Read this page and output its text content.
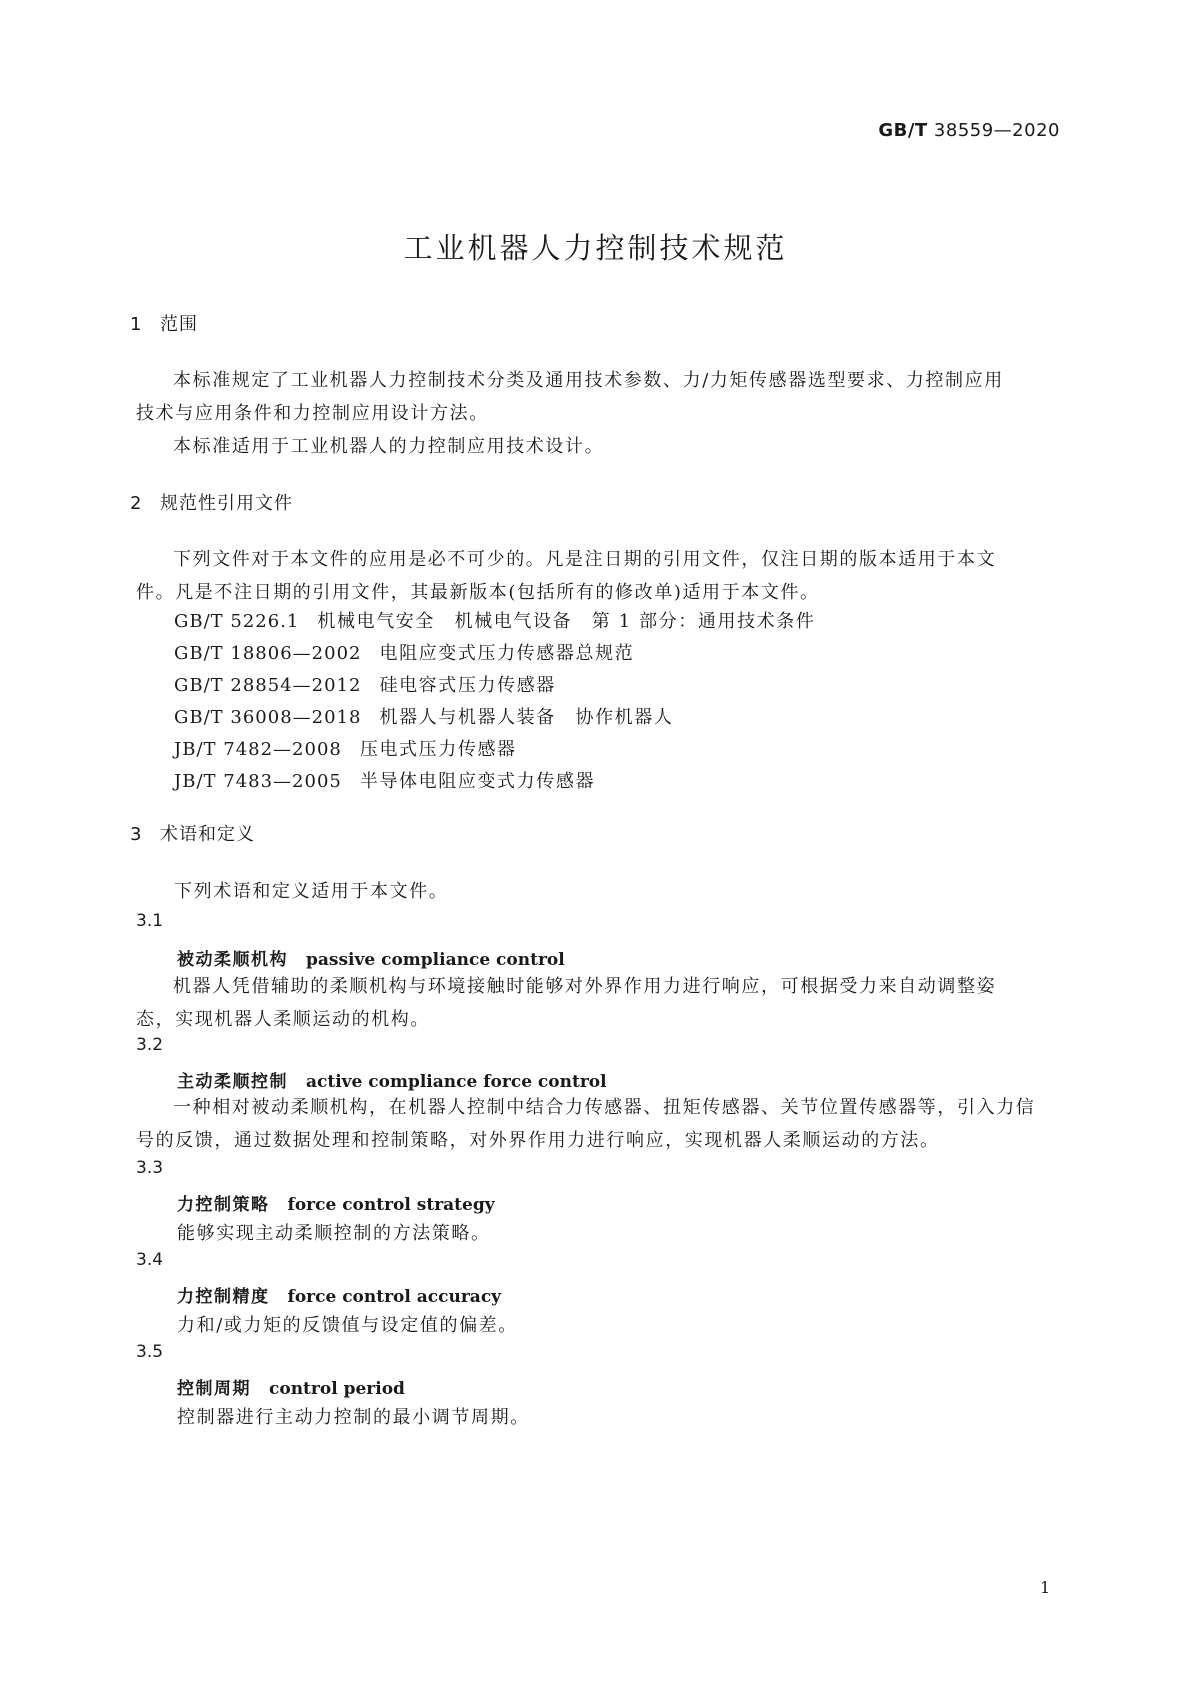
GB/T 38559—2020
工业机器人力控制技术规范
1 范围

本标准规定了工业机器人力控制技术分类及通用技术参数、力/力矩传感器选型要求、力控制应用

技术与应用条件和力控制应用设计方法。

本标准适用于工业机器人的力控制应用技术设计。

2 规范性引用文件

下列文件对于本文件的应用是必不可少的。凡是注日期的引用文件，仅注日期的版本适用于本文

件。凡是不注日期的引用文件，其最新版本(包括所有的修改单)适用于本文件。

GB/T 5226.1 机械电气安全　机械电气设备　第 1 部分：通用技术条件
GB/T 18806—2002 电阻应变式压力传感器总规范
GB/T 28854—2012 硅电容式压力传感器
GB/T 36008—2018 机器人与机器人装备　协作机器人
JB/T 7482—2008 压电式压力传感器
JB/T 7483—2005 半导体电阻应变式力传感器
3 术语和定义
下列术语和定义适用于本文件。
3.1
被动柔顺机构 passive compliance control

机器人凭借辅助的柔顺机构与环境接触时能够对外界作用力进行响应，可根据受力来自动调整姿

态，实现机器人柔顺运动的机构。

3.2
主动柔顺控制 active compliance force control

一种相对被动柔顺机构，在机器人控制中结合力传感器、扭矩传感器、关节位置传感器等，引入力信

号的反馈，通过数据处理和控制策略，对外界作用力进行响应，实现机器人柔顺运动的方法。

3.3
力控制策略 force control strategy
能够实现主动柔顺控制的方法策略。
3.4
力控制精度 force control accuracy
力和/或力矩的反馈值与设定值的偏差。
3.5
控制周期 control period
控制器进行主动力控制的最小调节周期。
1
